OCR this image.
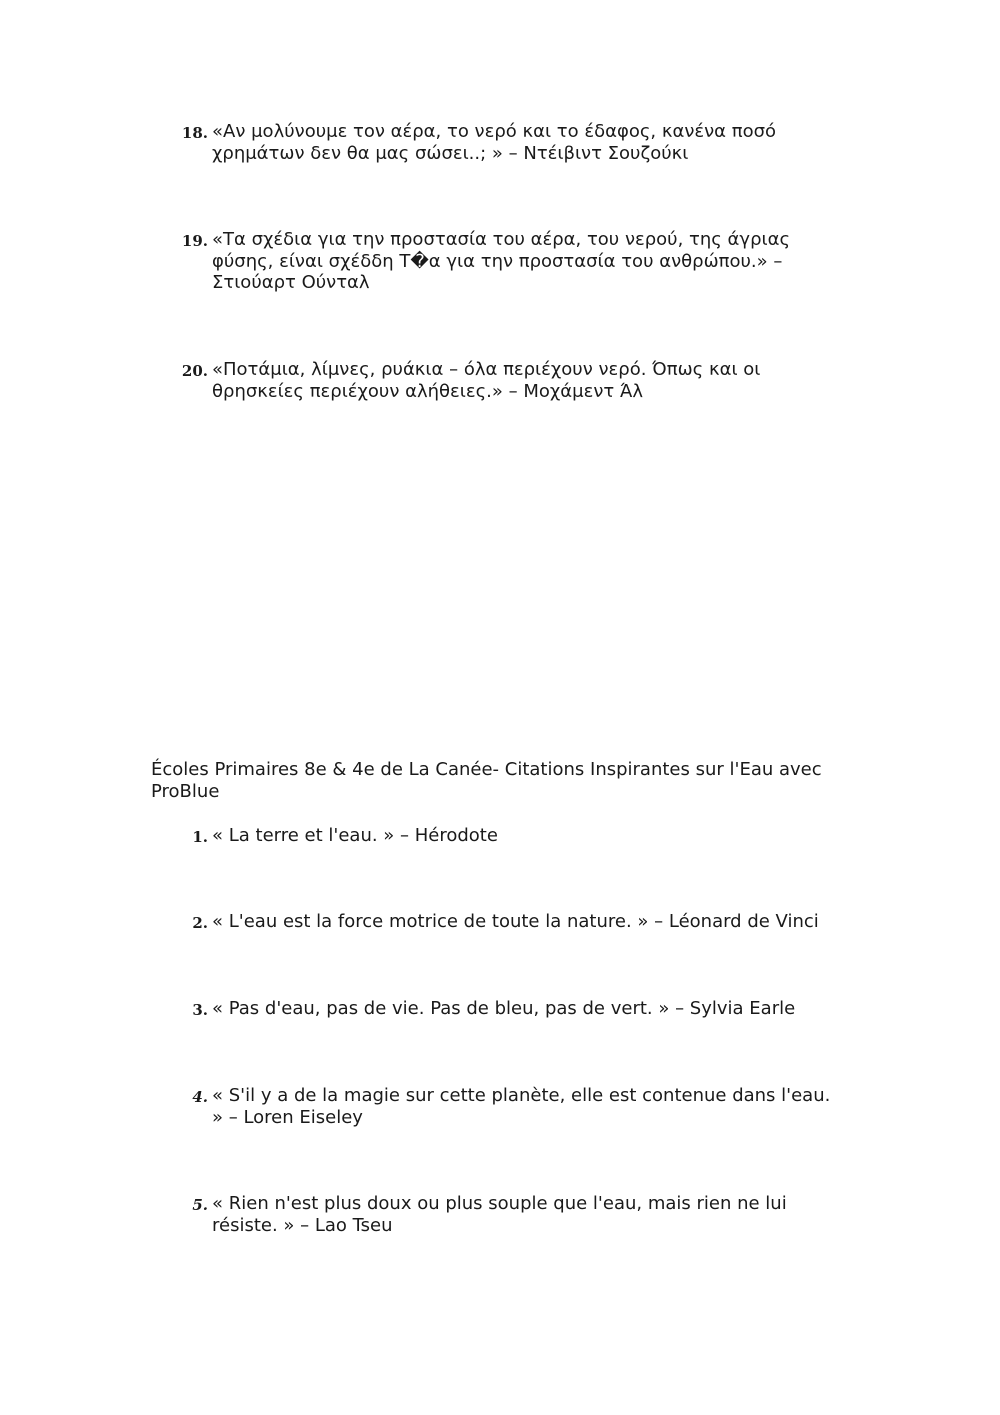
18. «Αν μολύνουμε τον αέρα, το νερό και το έδαφος, κανένα ποσό
χρημάτων δεν θα μας σώσει..; » – Ντέιβιντ Σουζούκι
19. «Τα σχέδια για την προστασία του αέρα, του νερού, της άγριας
φύσης, είναι σχέδδη Τ�α για την προστασία του ανθρώπου.» –
Στιούαρτ Ούνταλ
20. «Ποτάμια, λίμνες, ρυάκια – όλα περιέχουν νερό. Όπως και οι
θρησκείες περιέχουν αλήθειες.» – Μοχάμεντ Άλ
Écoles Primaires 8e & 4e de La Canée- Citations Inspirantes sur l'Eau avec ProBlue
1. « La terre et l'eau. » – Hérodote
2. « L'eau est la force motrice de toute la nature. » – Léonard de Vinci
3. « Pas d'eau, pas de vie. Pas de bleu, pas de vert. » – Sylvia Earle
4. « S'il y a de la magie sur cette planète, elle est contenue dans l'eau.
» – Loren Eiseley
5. « Rien n'est plus doux ou plus souple que l'eau, mais rien ne lui
résiste. » – Lao Tseu
